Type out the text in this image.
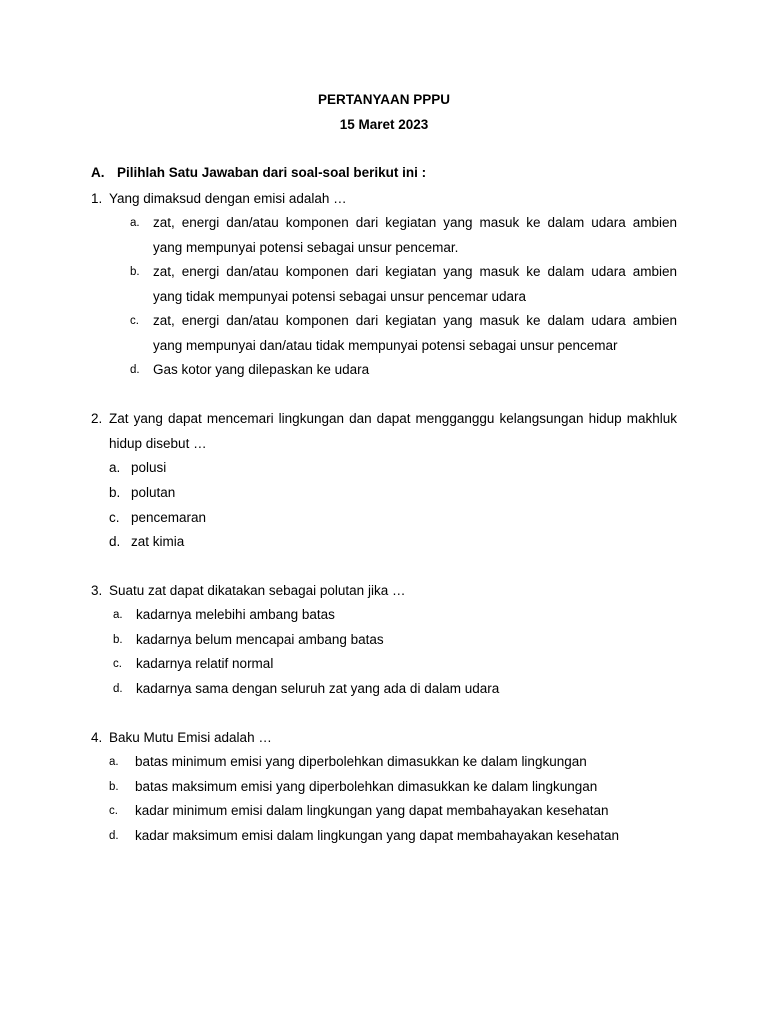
PERTANYAAN PPPU
15 Maret 2023
A. Pilihlah Satu Jawaban dari soal-soal berikut ini :
1. Yang dimaksud dengan emisi adalah …
a. zat, energi dan/atau komponen dari kegiatan yang masuk ke dalam udara ambien
yang mempunyai potensi sebagai unsur pencemar.
b. zat, energi dan/atau komponen dari kegiatan yang masuk ke dalam udara ambien
yang tidak mempunyai potensi sebagai unsur pencemar udara
c. zat, energi dan/atau komponen dari kegiatan yang masuk ke dalam udara ambien
yang mempunyai dan/atau tidak mempunyai potensi sebagai unsur pencemar
d. Gas kotor yang dilepaskan ke udara
2. Zat yang dapat mencemari lingkungan dan dapat mengganggu kelangsungan hidup makhluk
hidup disebut …
a. polusi
b. polutan
c. pencemaran
d. zat kimia
3. Suatu zat dapat dikatakan sebagai polutan jika …
a. kadarnya melebihi ambang batas
b. kadarnya belum mencapai ambang batas
c. kadarnya relatif normal
d. kadarnya sama dengan seluruh zat yang ada di dalam udara
4. Baku Mutu Emisi adalah …
a. batas minimum emisi yang diperbolehkan dimasukkan ke dalam lingkungan
b. batas maksimum emisi yang diperbolehkan dimasukkan ke dalam lingkungan
c. kadar minimum emisi dalam lingkungan yang dapat membahayakan kesehatan
d. kadar maksimum emisi dalam lingkungan yang dapat membahayakan kesehatan
